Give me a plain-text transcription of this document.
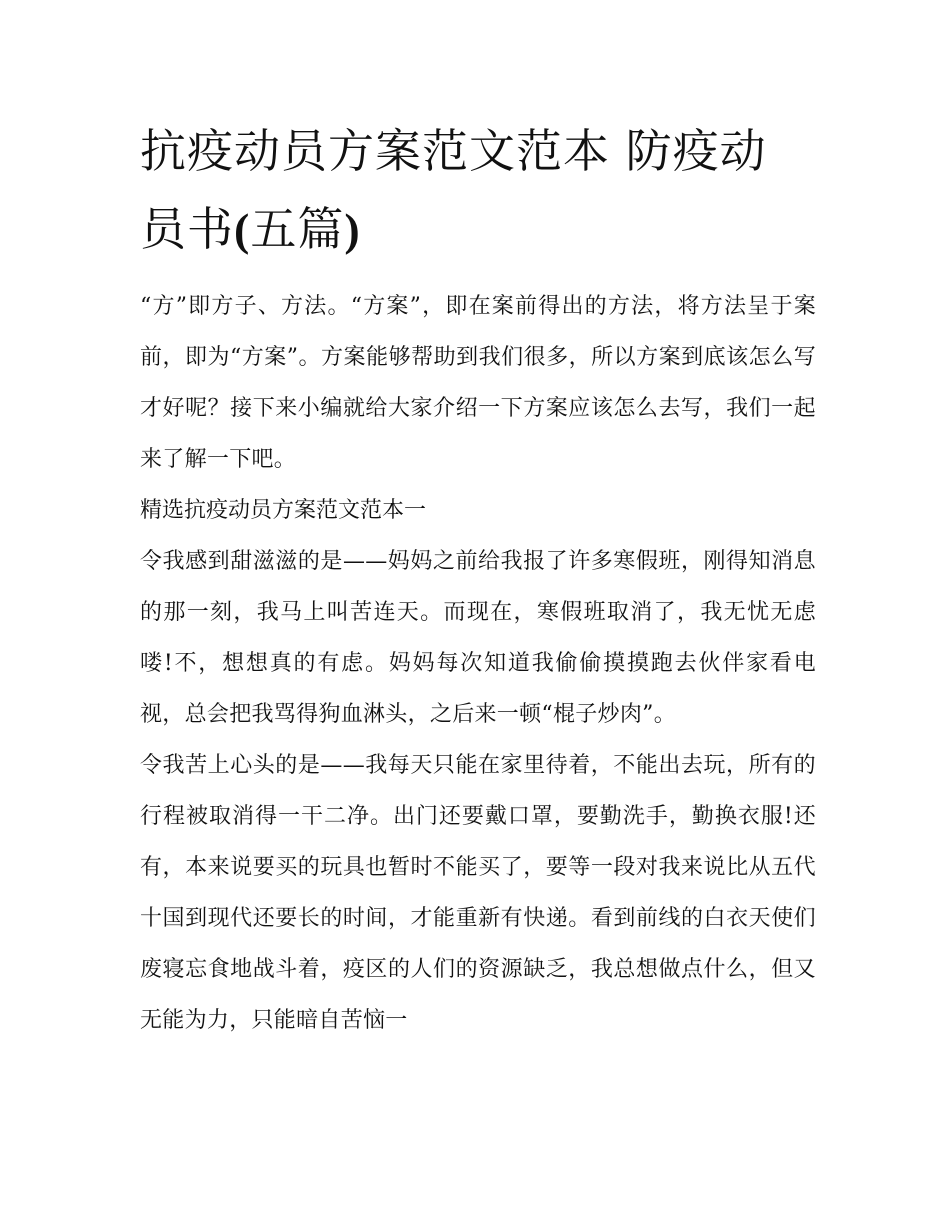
抗疫动员方案范文范本 防疫动
员书(五篇)

“方”即方子、方法。“方案”，即在案前得出的方法，将方法呈于案前，即为“方案”。方案能够帮助到我们很多，所以方案到底该怎么写才好呢？接下来小编就给大家介绍一下方案应该怎么去写，我们一起来了解一下吧。

精选抗疫动员方案范文范本一

令我感到甜滋滋的是——妈妈之前给我报了许多寒假班，刚得知消息的那一刻，我马上叫苦连天。而现在，寒假班取消了，我无忧无虑喽!不，想想真的有虑。妈妈每次知道我偷偷摸摸跑去伙伴家看电视，总会把我骂得狗血淋头，之后来一顿“棍子炒肉”。

令我苦上心头的是——我每天只能在家里待着，不能出去玩，所有的行程被取消得一干二净。出门还要戴口罩，要勤洗手，勤换衣服!还有，本来说要买的玩具也暂时不能买了，要等一段对我来说比从五代十国到现代还要长的时间，才能重新有快递。看到前线的白衣天使们废寝忘食地战斗着，疫区的人们的资源缺乏，我总想做点什么，但又无能为力，只能暗自苦恼一
